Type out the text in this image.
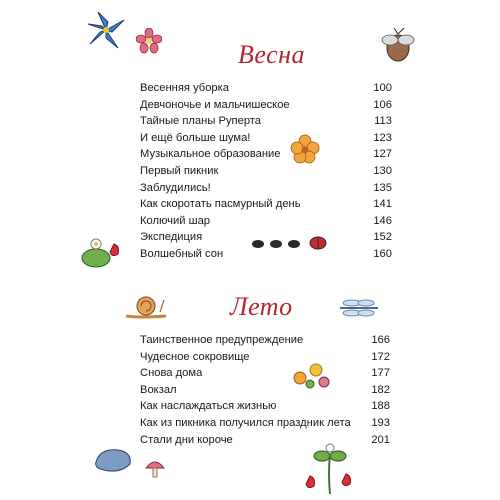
Весна
Лето
Весенняя уборка	100
Девчоночье и мальчишеское	106
Тайные планы Руперта	113
И ещё больше шума!	123
Музыкальное образование	127
Первый пикник	130
Заблудились!	135
Как скоротать пасмурный день	141
Колючий шар	146
Экспедиция	152
Волшебный сон	160
Таинственное предупреждение	166
Чудесное сокровище	172
Снова дома	177
Вокзал	182
Как наслаждаться жизнью	188
Как из пикника получился праздник лета 193
Стали дни короче	201
